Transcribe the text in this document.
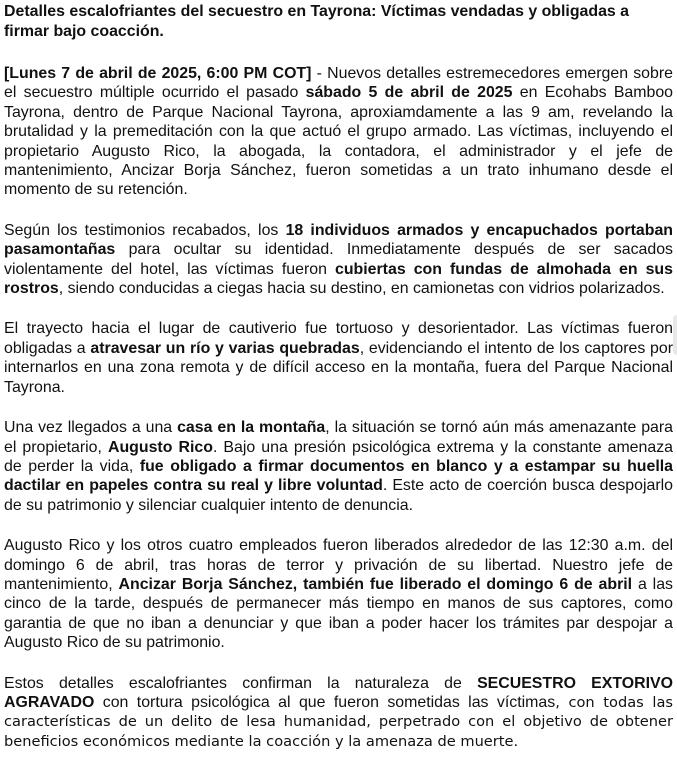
Detalles escalofriantes del secuestro en Tayrona: Víctimas vendadas y obligadas a firmar bajo coacción.

[Lunes 7 de abril de 2025, 6:00 PM COT] - Nuevos detalles estremecedores emergen sobre el secuestro múltiple ocurrido el pasado sábado 5 de abril de 2025 en Ecohabs Bamboo Tayrona, dentro de Parque Nacional Tayrona, aproxiamdamente a las 9 am, revelando la brutalidad y la premeditación con la que actuó el grupo armado. Las víctimas, incluyendo el propietario Augusto Rico, la abogada, la contadora, el administrador y el jefe de mantenimiento, Ancizar Borja Sánchez, fueron sometidas a un trato inhumano desde el momento de su retención.

Según los testimonios recabados, los 18 individuos armados y encapuchados portaban pasamontañas para ocultar su identidad. Inmediatamente después de ser sacados violentamente del hotel, las víctimas fueron cubiertas con fundas de almohada en sus rostros, siendo conducidas a ciegas hacia su destino, en camionetas con vidrios polarizados.

El trayecto hacia el lugar de cautiverio fue tortuoso y desorientador. Las víctimas fueron obligadas a atravesar un río y varias quebradas, evidenciando el intento de los captores por internarlos en una zona remota y de difícil acceso en la montaña, fuera del Parque Nacional Tayrona.

Una vez llegados a una casa en la montaña, la situación se tornó aún más amenazante para el propietario, Augusto Rico. Bajo una presión psicológica extrema y la constante amenaza de perder la vida, fue obligado a firmar documentos en blanco y a estampar su huella dactilar en papeles contra su real y libre voluntad. Este acto de coerción busca despojarlo de su patrimonio y silenciar cualquier intento de denuncia.

Augusto Rico y los otros cuatro empleados fueron liberados alrededor de las 12:30 a.m. del domingo 6 de abril, tras horas de terror y privación de su libertad. Nuestro jefe de mantenimiento, Ancizar Borja Sánchez, también fue liberado el domingo 6 de abril a las cinco de la tarde, después de permanecer más tiempo en manos de sus captores, como garantia de que no iban a denunciar y que iban a poder hacer los trámites par despojar a Augusto Rico de su patrimonio.

Estos detalles escalofriantes confirman la naturaleza de SECUESTRO EXTORIVO AGRAVADO con tortura psicológica al que fueron sometidas las víctimas, con todas las características de un delito de lesa humanidad, perpetrado con el objetivo de obtener beneficios económicos mediante la coacción y la amenaza de muerte.
